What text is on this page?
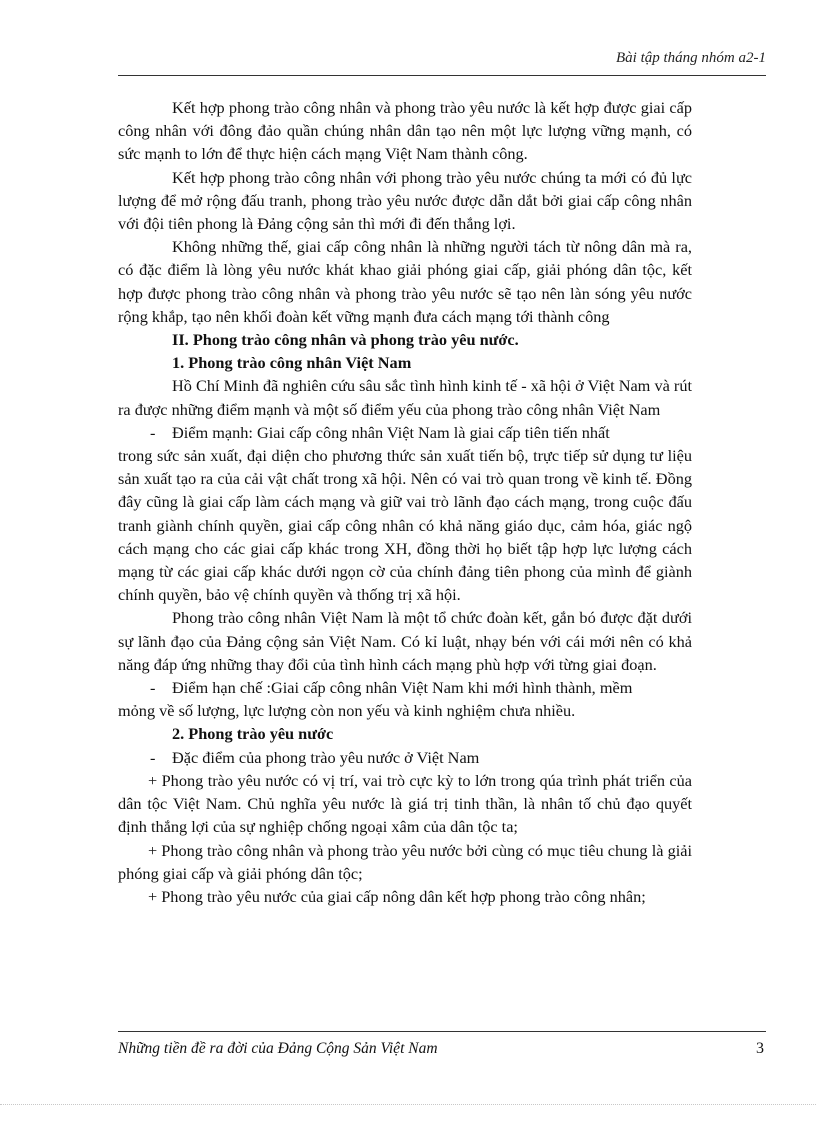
Bài tập tháng nhóm a2-1

Kết hợp phong trào công nhân và phong trào yêu nước là kết hợp được giai cấp công nhân với đông đảo quần chúng nhân dân tạo nên một lực lượng vững mạnh, có sức mạnh to lớn để thực hiện cách mạng Việt Nam thành công.

Kết hợp phong trào công nhân với phong trào yêu nước chúng ta mới có đủ lực lượng để mở rộng đấu tranh, phong trào yêu nước được dẫn dắt bởi giai cấp công nhân với đội tiên phong là Đảng cộng sản thì mới đi đến thắng lợi.

Không những thế, giai cấp công nhân là những người tách từ nông dân mà ra, có đặc điểm là lòng yêu nước khát khao giải phóng giai cấp, giải phóng dân tộc, kết hợp được phong trào công nhân và phong trào yêu nước sẽ tạo nên làn sóng yêu nước rộng khắp, tạo nên khối đoàn kết vững mạnh đưa cách mạng tới thành công

II. Phong trào công nhân và phong trào yêu nước.

1. Phong trào công nhân Việt Nam

Hồ Chí Minh đã nghiên cứu sâu sắc tình hình kinh tế - xã hội ở Việt Nam và rút ra được những điểm mạnh và một số điểm yếu của phong trào công nhân Việt Nam

-	Điểm mạnh: Giai cấp công nhân Việt Nam là giai cấp tiên tiến nhất

trong sức sản xuất, đại diện cho phương thức sản xuất tiến bộ, trực tiếp sử dụng tư liệu sản xuất tạo ra của cải vật chất trong xã hội. Nên có vai trò quan trong về kinh tế. Đồng đây cũng là giai cấp làm cách mạng và giữ vai trò lãnh đạo cách mạng, trong cuộc đấu tranh giành chính quyền, giai cấp công nhân có khả năng giáo dục, cảm hóa, giác ngộ cách mạng cho các giai cấp khác trong XH, đồng thời họ biết tập hợp lực lượng cách mạng từ các giai cấp khác dưới ngọn cờ của chính đảng tiên phong của mình để giành chính quyền, bảo vệ chính quyền và thống trị xã hội.

Phong trào công nhân Việt Nam là một tổ chức đoàn kết, gắn bó được đặt dưới sự lãnh đạo của Đảng cộng sản Việt Nam. Có kỉ luật, nhạy bén với cái mới nên có khả năng đáp ứng những thay đổi của tình hình cách mạng phù hợp với từng giai đoạn.

-	Điểm hạn chế :Giai cấp công nhân Việt Nam khi mới hình thành, mềm

mỏng về số lượng, lực lượng còn non yếu và kinh nghiệm chưa nhiều.

2. Phong trào yêu nước

-	Đặc điểm của phong trào yêu nước ở Việt Nam

+ Phong trào yêu nước có vị trí, vai trò cực kỳ to lớn trong qúa trình phát triển của dân tộc Việt Nam. Chủ nghĩa yêu nước là giá trị tinh thần, là nhân tố chủ đạo quyết định thắng lợi của sự nghiệp chống ngoại xâm của dân tộc ta;

+ Phong trào công nhân và phong trào yêu nước bởi cùng có mục tiêu chung là giải phóng giai cấp và giải phóng dân tộc;

+ Phong trào yêu nước của giai cấp nông dân kết hợp phong trào công nhân;

Những tiền đề ra đời của Đảng Cộng Sản Việt Nam	3
